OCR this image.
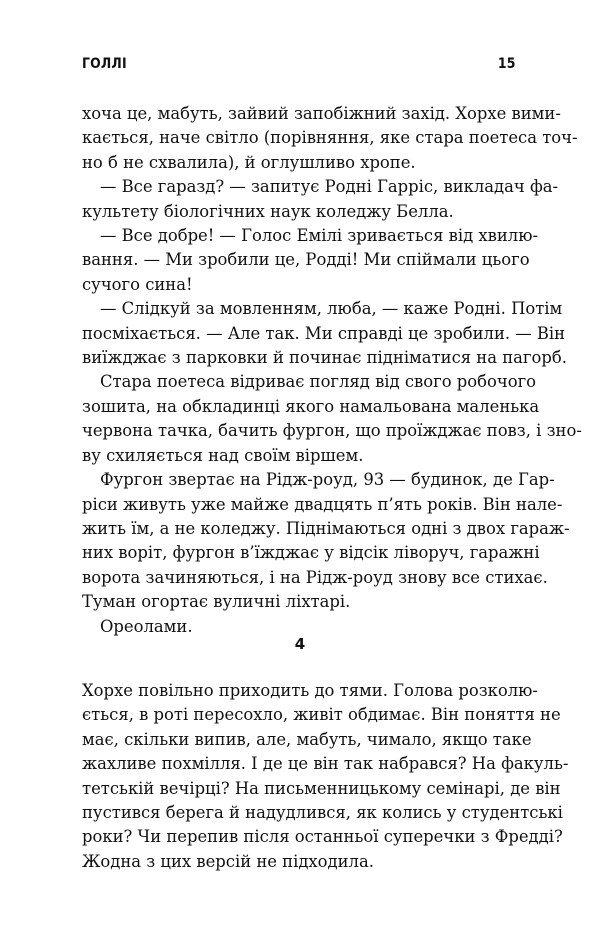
ГОЛЛІ	15

хоча це, мабуть, зайвий запобіжний захід. Хорхе вими-
кається, наче світло (порівняння, яке стара поетеса точ-
но б не схвалила), й оглушливо хропе.

— Все гаразд? — запитує Родні Гарріс, викладач фа-
культету біологічних наук коледжу Белла.

— Все добре! — Голос Емілі зривається від хвилю-
вання. — Ми зробили це, Родді! Ми спіймали цього
сучого сина!

— Слідкуй за мовленням, люба, — каже Родні. Потім
посміхається. — Але так. Ми справді це зробили. — Він
виїжджає з парковки й починає підніматися на пагорб.

Стара поетеса відриває погляд від свого робочого
зошита, на обкладинці якого намальована маленька
червона тачка, бачить фургон, що проїжджає повз, і зно-
ву схиляється над своїм віршем.

Фургон звертає на Рідж-роуд, 93 — будинок, де Гар-
ріси живуть уже майже двадцять п’ять років. Він нале-
жить їм, а не коледжу. Піднімаються одні з двох гараж-
них воріт, фургон в’їжджає у відсік ліворуч, гаражні
ворота зачиняються, і на Рідж-роуд знову все стихає.
Туман огортає вуличні ліхтарі.

Ореолами.

4

Хорхе повільно приходить до тями. Голова розколю-
ється, в роті пересохло, живіт обдимає. Він поняття не
має, скільки випив, але, мабуть, чимало, якщо таке
жахливе похмілля. І де це він так набрався? На факуль-
тетській вечірці? На письменницькому семінарі, де він
пустився берега й надудлився, як колись у студентські
роки? Чи перепив після останньої суперечки з Фредді?
Жодна з цих версій не підходила.
